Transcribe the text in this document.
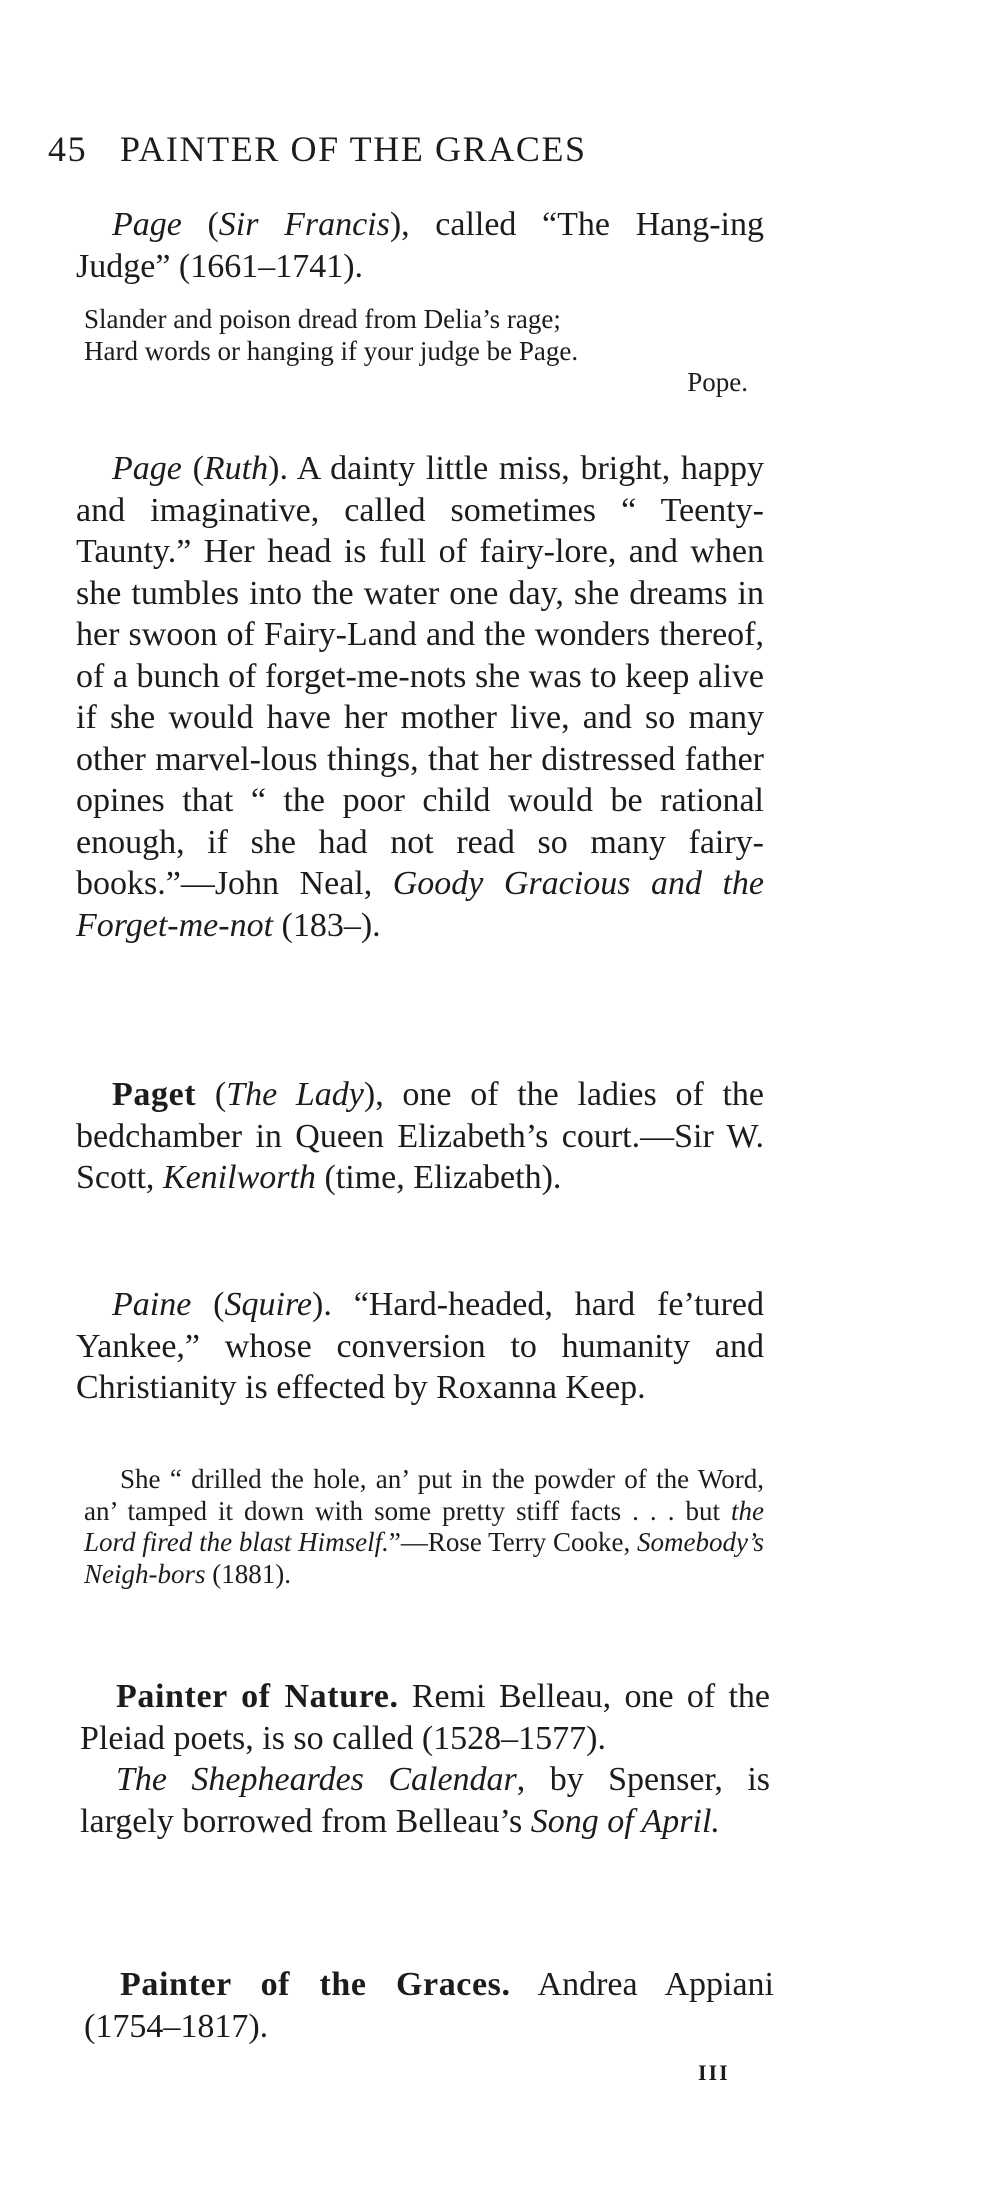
45 PAINTER OF THE GRACES
Page (Sir Francis), called “The Hang-ing Judge” (1661–1741).
Slander and poison dread from Delia’s rage;
Hard words or hanging if your judge be Page.
Pope.
Page (Ruth). A dainty little miss, bright, happy and imaginative, called sometimes “ Teenty-Taunty.” Her head is full of fairy-lore, and when she tumbles into the water one day, she dreams in her swoon of Fairy-Land and the wonders thereof, of a bunch of forget-me-nots she was to keep alive if she would have her mother live, and so many other marvel-lous things, that her distressed father opines that “ the poor child would be rational enough, if she had not read so many fairy-books.”—John Neal, Goody Gracious and the Forget-me-not (183–).
Paget (The Lady), one of the ladies of the bedchamber in Queen Elizabeth’s court.—Sir W. Scott, Kenilworth (time, Elizabeth).
Paine (Squire). “Hard-headed, hard fe’tured Yankee,” whose conversion to humanity and Christianity is effected by Roxanna Keep.
She “ drilled the hole, an’ put in the powder of the Word, an’ tamped it down with some pretty stiff facts . . . but the Lord fired the blast Himself.”—Rose Terry Cooke, Somebody’s Neigh-bors (1881).
Painter of Nature. Remi Belleau, one of the Pleiad poets, is so called (1528–1577).
The Shepheardes Calendar, by Spenser, is largely borrowed from Belleau’s Song of April.
Painter of the Graces. Andrea Appiani (1754–1817).
III
